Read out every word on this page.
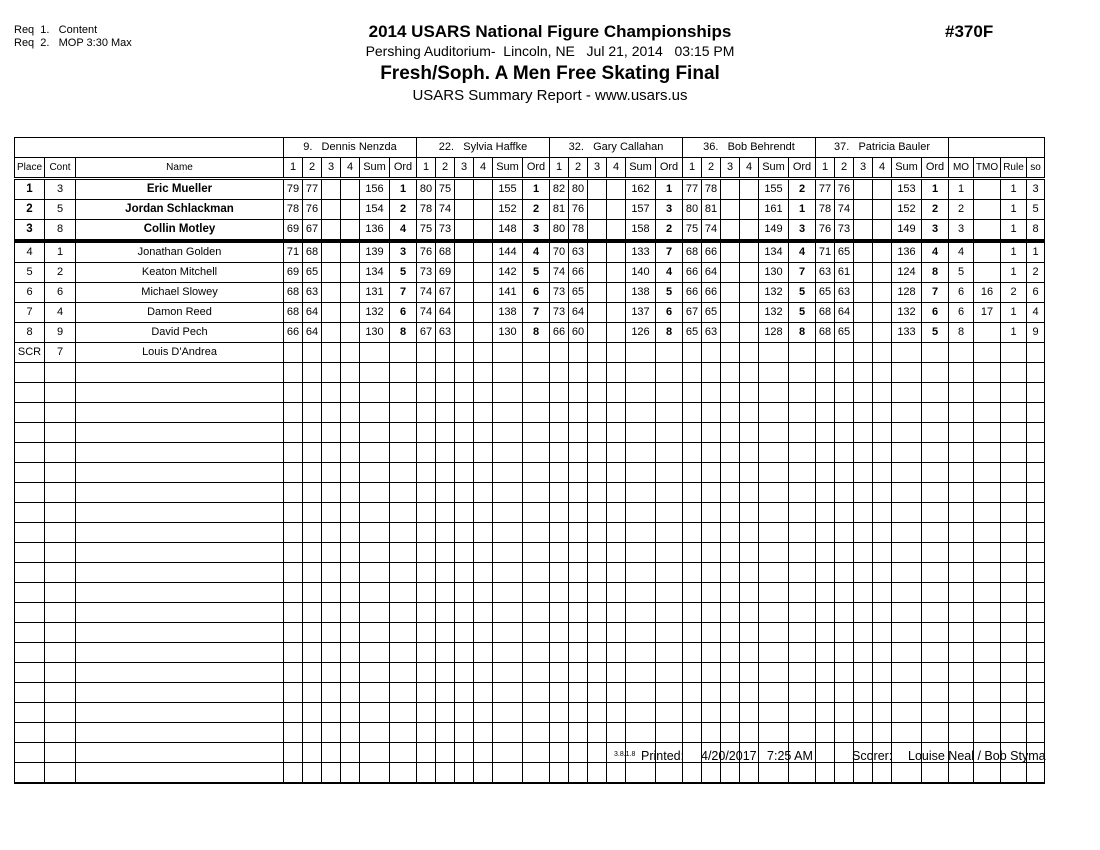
Req  1.   Content
Req  2.   MOP 3:30 Max
2014 USARS National Figure Championships
Pershing Auditorium-  Lincoln, NE   Jul 21, 2014   03:15 PM
Fresh/Soph. A Men Free Skating Final
USARS Summary Report - www.usars.us
#370F
			9.   Dennis Nenzda						22.   Sylvia Haffke						32.   Gary Callahan						36.   Bob Behrendt						37.   Patricia Bauler									
Place	Cont	Name	1	2	3	4	Sum	Ord	1	2	3	4	Sum	Ord	1	2	3	4	Sum	Ord	1	2	3	4	Sum	Ord	1	2	3	4	Sum	Ord	MO	TMO	Rule	so
1	3	Eric Mueller	79	77			156	1	80	75			155	1	82	80			162	1	77	78			155	2	77	76			153	1	1		1	3
2	5	Jordan Schlackman	78	76			154	2	78	74			152	2	81	76			157	3	80	81			161	1	78	74			152	2	2		1	5
3	8	Collin Motley	69	67			136	4	75	73			148	3	80	78			158	2	75	74			149	3	76	73			149	3	3		1	8
4	1	Jonathan Golden	71	68			139	3	76	68			144	4	70	63			133	7	68	66			134	4	71	65			136	4	4		1	1
5	2	Keaton Mitchell	69	65			134	5	73	69			142	5	74	66			140	4	66	64			130	7	63	61			124	8	5		1	2
6	6	Michael Slowey	68	63			131	7	74	67			141	6	73	65			138	5	66	66			132	5	65	63			128	7	6	16	2	6
7	4	Damon Reed	68	64			132	6	74	64			138	7	73	64			137	6	67	65			132	5	68	64			132	6	6	17	1	4
8	9	David Pech	66	64			130	8	67	63			130	8	66	60			126	8	65	63			128	8	68	65			133	5	8		1	9
SCR	7	Louis D'Andrea																																		

3.8.1.8 Printed: 4/20/2017   7:25 AM	Scorer: Louise Neal / Bob Styma
